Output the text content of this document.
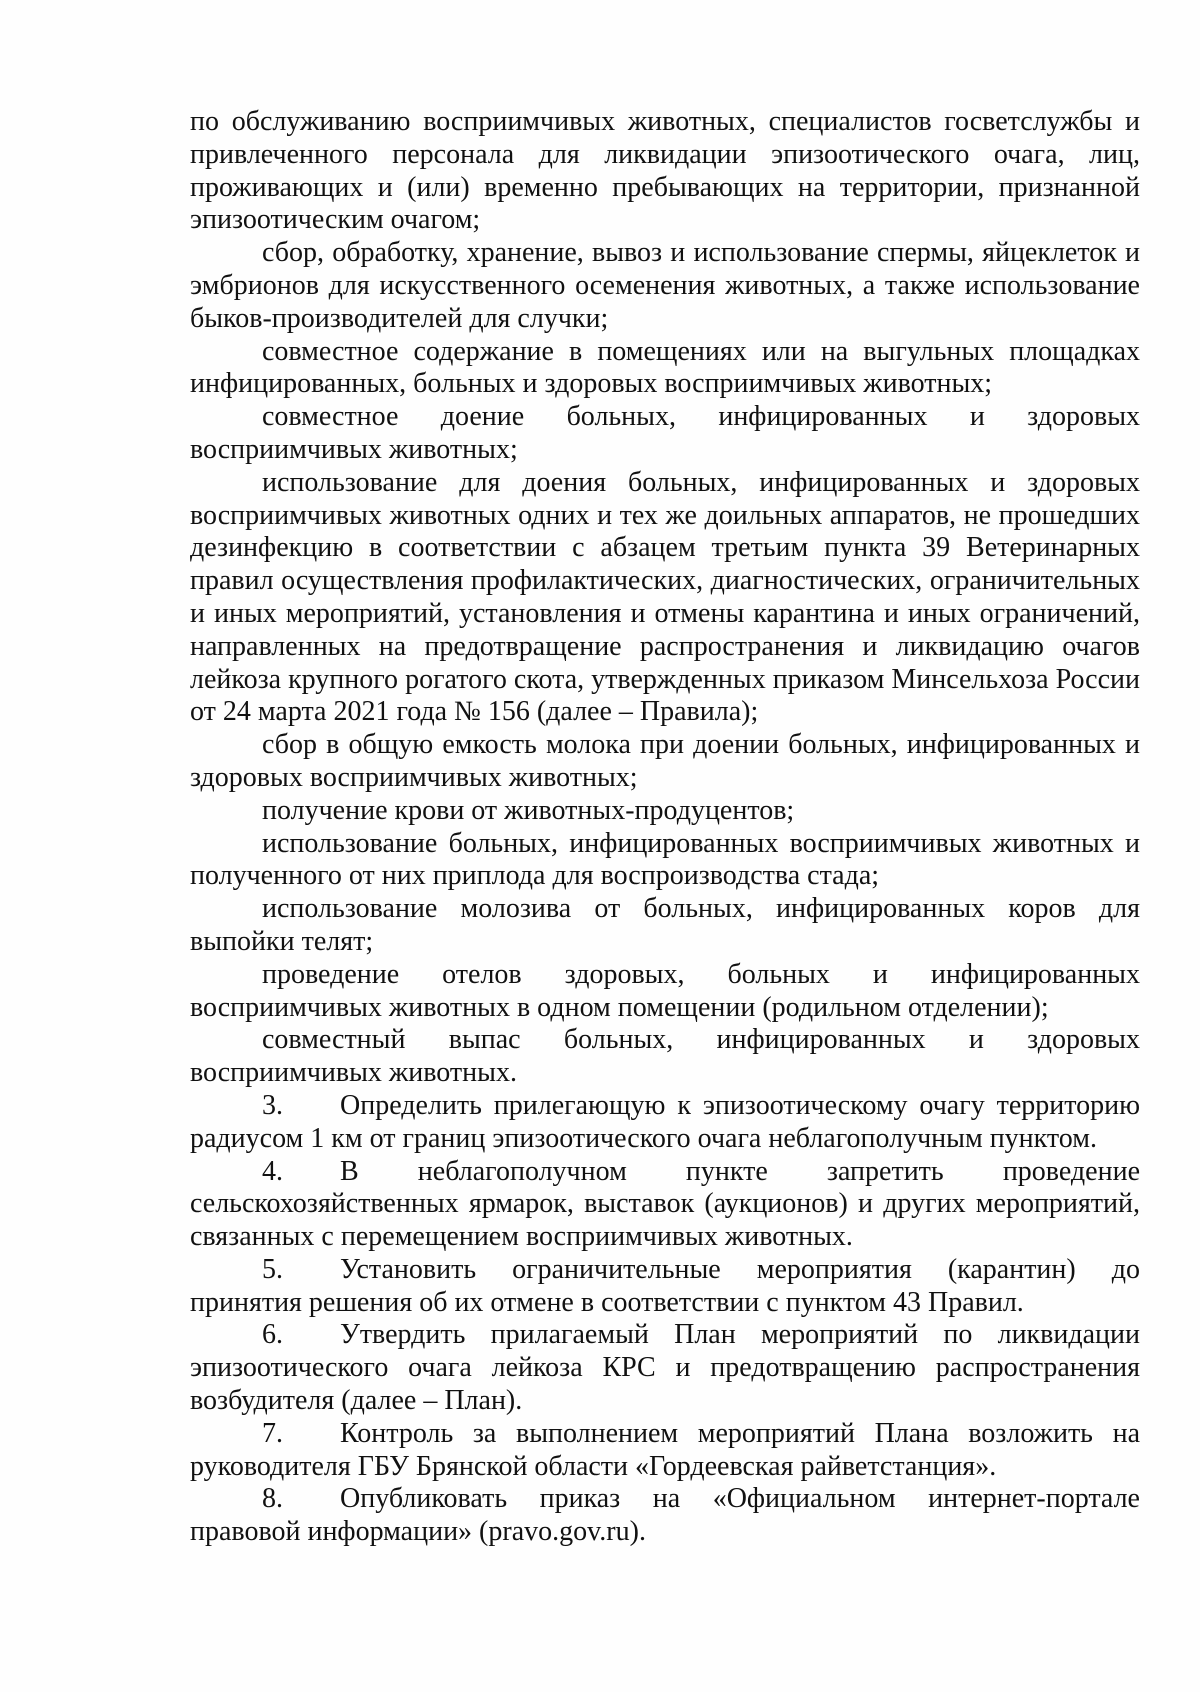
по обслуживанию восприимчивых животных, специалистов госветслужбы и привлеченного персонала для ликвидации эпизоотического очага, лиц, проживающих и (или) временно пребывающих на территории, признанной эпизоотическим очагом;

сбор, обработку, хранение, вывоз и использование спермы, яйцеклеток и эмбрионов для искусственного осеменения животных, а также использование быков-производителей для случки;

совместное содержание в помещениях или на выгульных площадках инфицированных, больных и здоровых восприимчивых животных;

совместное доение больных, инфицированных и здоровых восприимчивых животных;

использование для доения больных, инфицированных и здоровых восприимчивых животных одних и тех же доильных аппаратов, не прошедших дезинфекцию в соответствии с абзацем третьим пункта 39 Ветеринарных правил осуществления профилактических, диагностических, ограничительных и иных мероприятий, установления и отмены карантина и иных ограничений, направленных на предотвращение распространения и ликвидацию очагов лейкоза крупного рогатого скота, утвержденных приказом Минсельхоза России от 24 марта 2021 года № 156 (далее – Правила);

сбор в общую емкость молока при доении больных, инфицированных и здоровых восприимчивых животных;

получение крови от животных-продуцентов;

использование больных, инфицированных восприимчивых животных и полученного от них приплода для воспроизводства стада;

использование молозива от больных, инфицированных коров для выпойки телят;

проведение отелов здоровых, больных и инфицированных восприимчивых животных в одном помещении (родильном отделении);

совместный выпас больных, инфицированных и здоровых восприимчивых животных.

3. Определить прилегающую к эпизоотическому очагу территорию радиусом 1 км от границ эпизоотического очага неблагополучным пунктом.

4. В неблагополучном пункте запретить проведение сельскохозяйственных ярмарок, выставок (аукционов) и других мероприятий, связанных с перемещением восприимчивых животных.

5. Установить ограничительные мероприятия (карантин) до принятия решения об их отмене в соответствии с пунктом 43 Правил.

6. Утвердить прилагаемый План мероприятий по ликвидации эпизоотического очага лейкоза КРС и предотвращению распространения возбудителя (далее – План).

7. Контроль за выполнением мероприятий Плана возложить на руководителя ГБУ Брянской области «Гордеевская райветстанция».

8. Опубликовать приказ на «Официальном интернет-портале правовой информации» (pravo.gov.ru).
